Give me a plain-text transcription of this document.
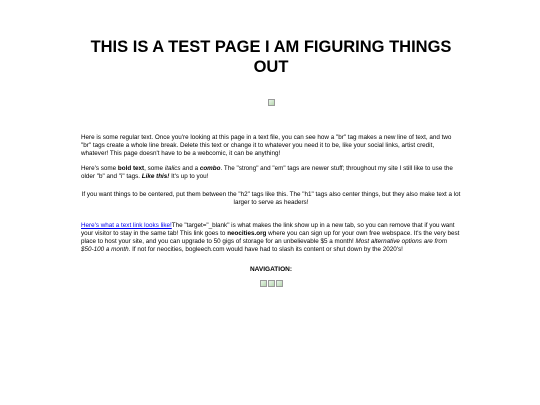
THIS IS A TEST PAGE I AM FIGURING THINGS OUT

Here is some regular text. Once you're looking at this page in a text file, you can see how a "br" tag makes a new line of text, and two "br" tags create a whole line break. Delete this text or change it to whatever you need it to be, like your social links, artist credit, whatever! This page doesn't have to be a webcomic, it can be anything!

Here's some bold text, some italics and a combo. The "strong" and "em" tags are newer stuff; throughout my site I still like to use the older "b" and "i" tags. Like this! It's up to you!

If you want things to be centered, put them between the "h2" tags like this. The "h1" tags also center things, but they also make text a lot larger to serve as headers!

Here's what a text link looks like!The "target="_blank" is what makes the link show up in a new tab, so you can remove that if you want your visitor to stay in the same tab! This link goes to neocities.org where you can sign up for your own free webspace. It's the very best place to host your site, and you can upgrade to 50 gigs of storage for an unbelievable $5 a month! Most alternative options are from $50-100 a month. If not for neocities, bogleech.com would have had to slash its content or shut down by the 2020's!

NAVIGATION:
